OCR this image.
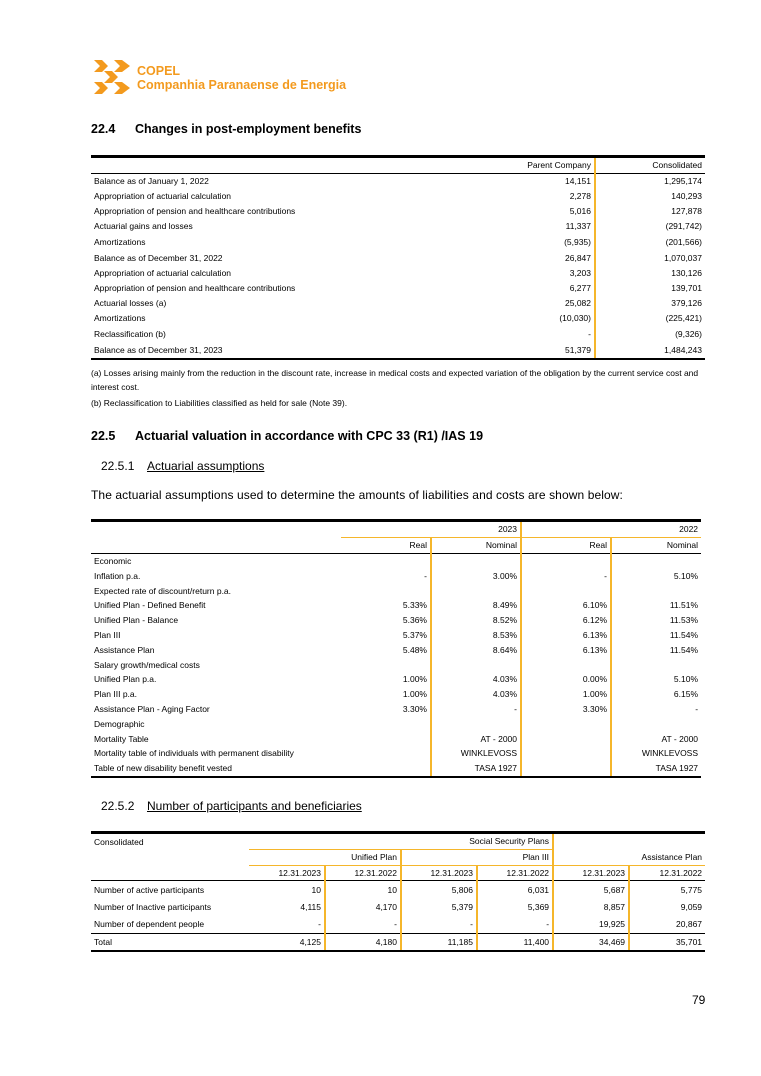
COPEL
Companhia Paranaense de Energia
22.4 Changes in post-employment benefits
	Parent Company	Consolidated
Balance as of January 1, 2022	14,151	1,295,174
Appropriation of actuarial calculation	2,278	140,293
Appropriation of pension and healthcare contributions	5,016	127,878
Actuarial gains and losses	11,337	(291,742)
Amortizations	(5,935)	(201,566)
Balance as of December 31, 2022	26,847	1,070,037
Appropriation of actuarial calculation	3,203	130,126
Appropriation of pension and healthcare contributions	6,277	139,701
Actuarial losses (a)	25,082	379,126
Amortizations	(10,030)	(225,421)
Reclassification (b)	-	(9,326)
Balance as of December 31, 2023	51,379	1,484,243
(a) Losses arising mainly from the reduction in the discount rate, increase in medical costs and expected variation of the obligation by the current service cost and interest cost.
(b) Reclassification to Liabilities classified as held for sale (Note 39).
22.5 Actuarial valuation in accordance with CPC 33 (R1) /IAS 19
22.5.1 Actuarial assumptions
The actuarial assumptions used to determine the amounts of liabilities and costs are shown below:
	2023		2022	
	Real	Nominal	Real	Nominal
Economic				
Inflation p.a.	-	3.00%	-	5.10%
Expected rate of discount/return p.a.				
Unified Plan - Defined Benefit	5.33%	8.49%	6.10%	11.51%
Unified Plan - Balance	5.36%	8.52%	6.12%	11.53%
Plan III	5.37%	8.53%	6.13%	11.54%
Assistance Plan	5.48%	8.64%	6.13%	11.54%
Salary growth/medical costs				
Unified Plan p.a.	1.00%	4.03%	0.00%	5.10%
Plan III p.a.	1.00%	4.03%	1.00%	6.15%
Assistance Plan - Aging Factor	3.30%	-	3.30%	-
Demographic				
Mortality Table		AT - 2000		AT - 2000
Mortality table of individuals with permanent disability		WINKLEVOSS		WINKLEVOSS
Table of new disability benefit vested		TASA 1927		TASA 1927
22.5.2 Number of participants and beneficiaries
Consolidated	Social Security Plans					
	Unified Plan		Plan III		Assistance Plan	
	12.31.2023	12.31.2022	12.31.2023	12.31.2022	12.31.2023	12.31.2022
Number of active participants	10	10	5,806	6,031	5,687	5,775
Number of Inactive participants	4,115	4,170	5,379	5,369	8,857	9,059
Number of dependent people	-	-	-	-	19,925	20,867
Total	4,125	4,180	11,185	11,400	34,469	35,701
79
